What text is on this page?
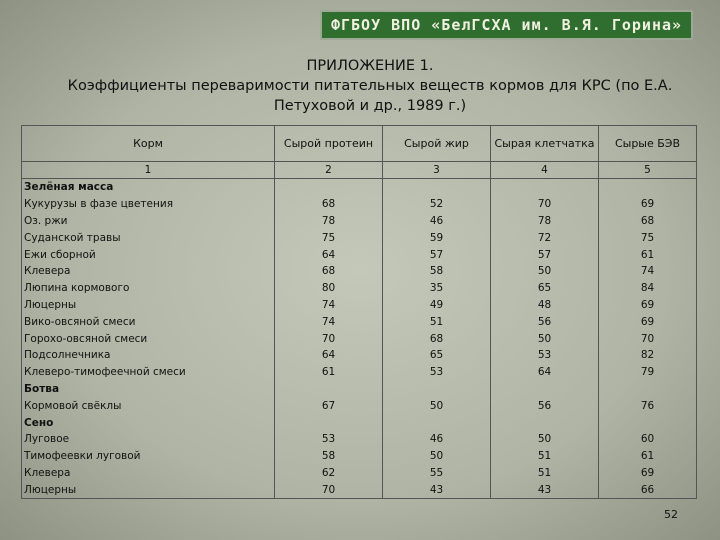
ФГБОУ ВПО «БелГСХА им. В.Я. Горина»
ПРИЛОЖЕНИЕ 1.
Коэффициенты переваримости питательных веществ кормов для КРС (по Е.А.
Петуховой и др., 1989 г.)
Корм	Сырой протеин	Сырой жир	Сырая клетчатка	Сырые БЭВ
1	2	3	4	5
Зелёная масса				
Кукурузы в фазе цветения	68	52	70	69
Оз. ржи	78	46	78	68
Суданской травы	75	59	72	75
Ежи сборной	64	57	57	61
Клевера	68	58	50	74
Люпина кормового	80	35	65	84
Люцерны	74	49	48	69
Вико-овсяной смеси	74	51	56	69
Горохо-овсяной смеси	70	68	50	70
Подсолнечника	64	65	53	82
Клеверо-тимофеечной смеси	61	53	64	79
Ботва				
Кормовой свёклы	67	50	56	76
Сено				
Луговое	53	46	50	60
Тимофеевки луговой	58	50	51	61
Клевера	62	55	51	69
Люцерны	70	43	43	66
52
